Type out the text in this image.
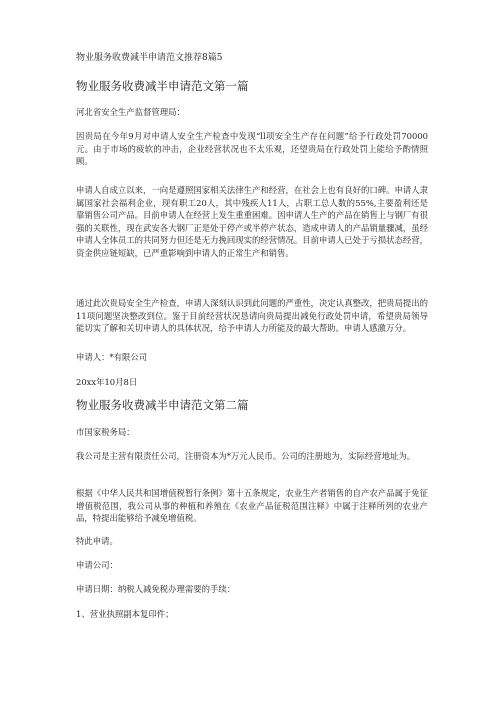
物业服务收费减半申请范文推荐8篇5
物业服务收费减半申请范文第一篇

河北省安全生产监督管理局：

因贵局在今年9月对申请人安全生产检查中发现“ll项安全生产存在问题”给予行政处罚70000元。由于市场的疲软的冲击，企业经营状况也不太乐观，还望贵局在行政处罚上能给予酌情照顾。

申请人自成立以来，一向是遵照国家相关法律生产和经营，在社会上也有良好的口碑。申请人隶属国家社会福利企业，现有职工20人，其中残疾人11人，占职工总人数的55%,主要盈利还是靠销售公司产品。目前申请人在经营上发生重重困难。因申请人生产的产品在销售上与钢厂有很强的关联性，现在武安各大钢厂正是处于停产或半停产状态，造成申请人的产品销量骤减，虽经申请人全体员工的共同努力但还是无力挽回现实的经营情况。目前申请人已处于亏损状态经营，资金供应链短缺，已严重影响到申请人的正常生产和销售。

通过此次贵局安全生产检查，申请人深刻认识到此问题的严重性，决定认真整改，把贵局提出的11项问题坚决整改到位。鉴于目前经营状况恳请向贵局提出减免行政处罚申请，希望贵局领导能切实了解和关切申请人的具体状况，给予申请人力所能及的最大帮助。申请人感激万分。

申请人：*有限公司

20xx年10月8日

物业服务收费减半申请范文第二篇

市国家税务局：

我公司是主营有限责任公司，注册资本为*万元人民币。公司的注册地为，实际经营地址为。

根据《中华人民共和国增值税暂行条例》第十五条规定，农业生产者销售的自产农产品属于免征增值税范围，我公司从事的种植和养殖在《农业产品征税范围注释》中属于注释所列的农业产品，特提出能够给予减免增值税。

特此申请。

申请公司：

申请日期：纳税人减免税办理需要的手续：

1、营业执照副本复印件；
